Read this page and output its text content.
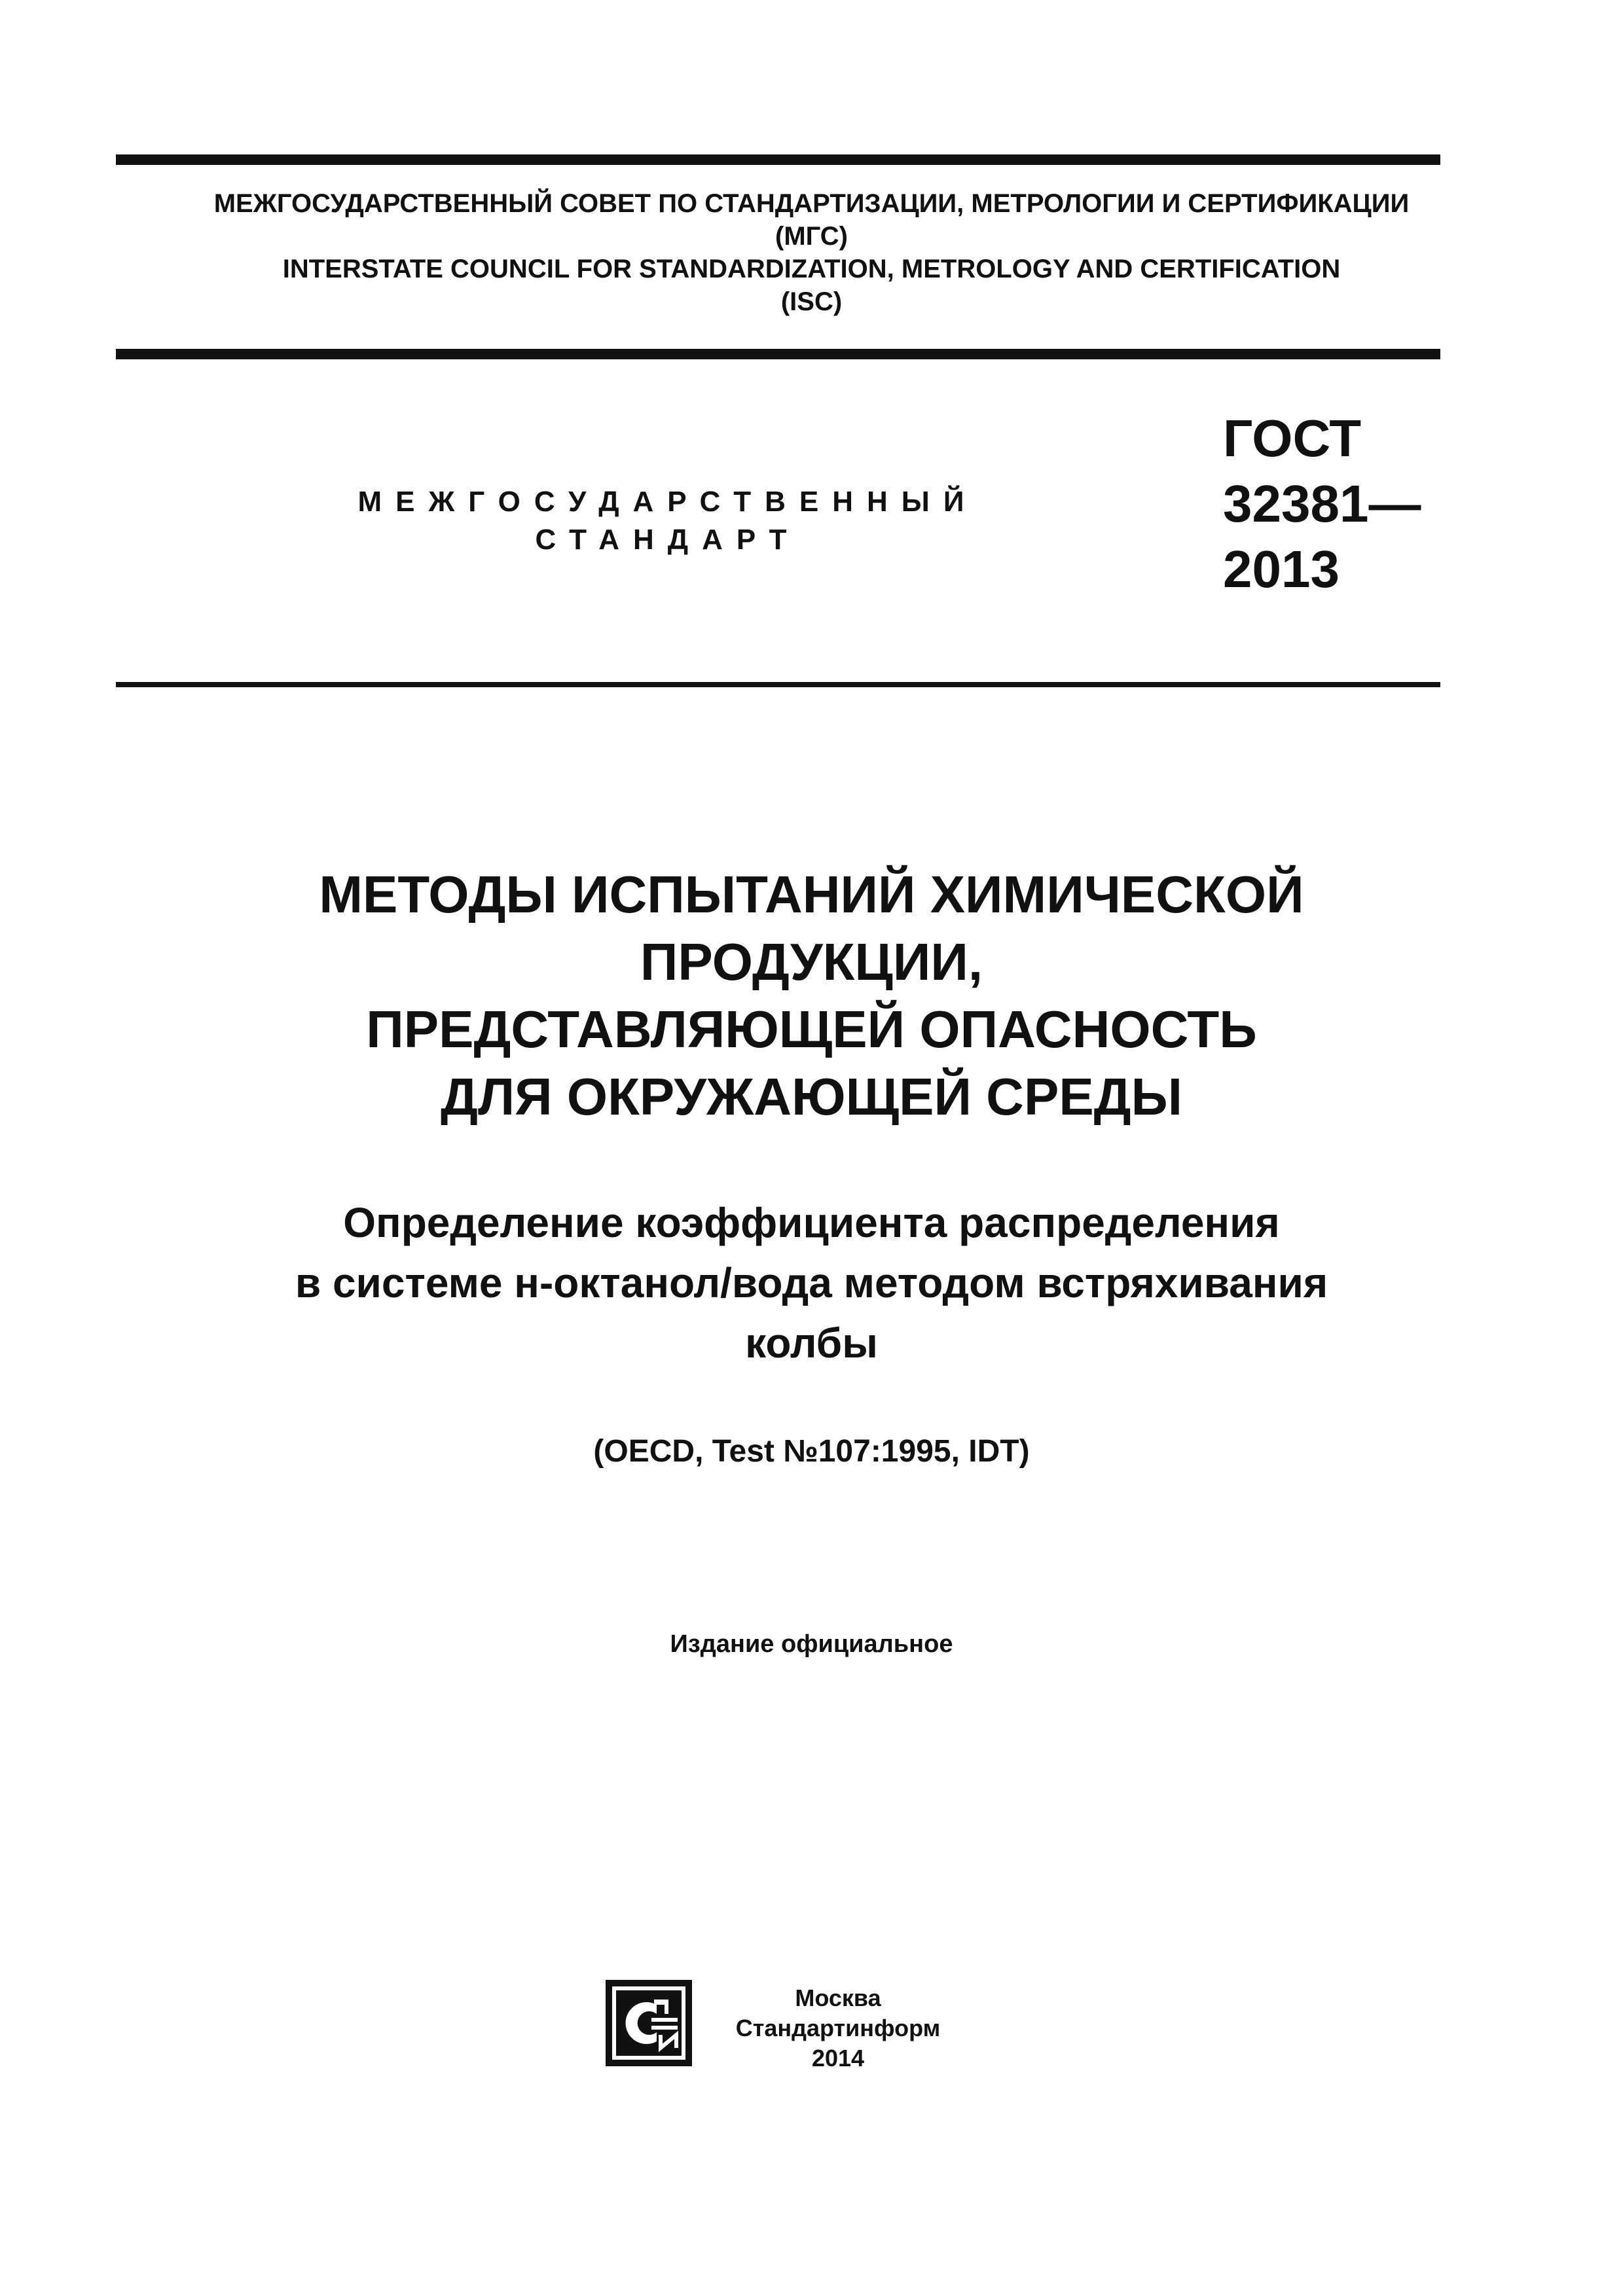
МЕЖГОСУДАРСТВЕННЫЙ СОВЕТ ПО СТАНДАРТИЗАЦИИ, МЕТРОЛОГИИ И СЕРТИФИКАЦИИ
(МГС)
INTERSTATE COUNCIL FOR STANDARDIZATION, METROLOGY AND CERTIFICATION
(ISC)
МЕЖГОСУДАРСТВЕННЫЙ
СТАНДАРТ
ГОСТ
32381—
2013
МЕТОДЫ ИСПЫТАНИЙ ХИМИЧЕСКОЙ
ПРОДУКЦИИ,
ПРЕДСТАВЛЯЮЩЕЙ ОПАСНОСТЬ
ДЛЯ ОКРУЖАЮЩЕЙ СРЕДЫ
Определение коэффициента распределения
в системе н-октанол/вода методом встряхивания
колбы
(OECD, Test №107:1995, IDT)
Издание официальное
Москва
Стандартинформ
2014
